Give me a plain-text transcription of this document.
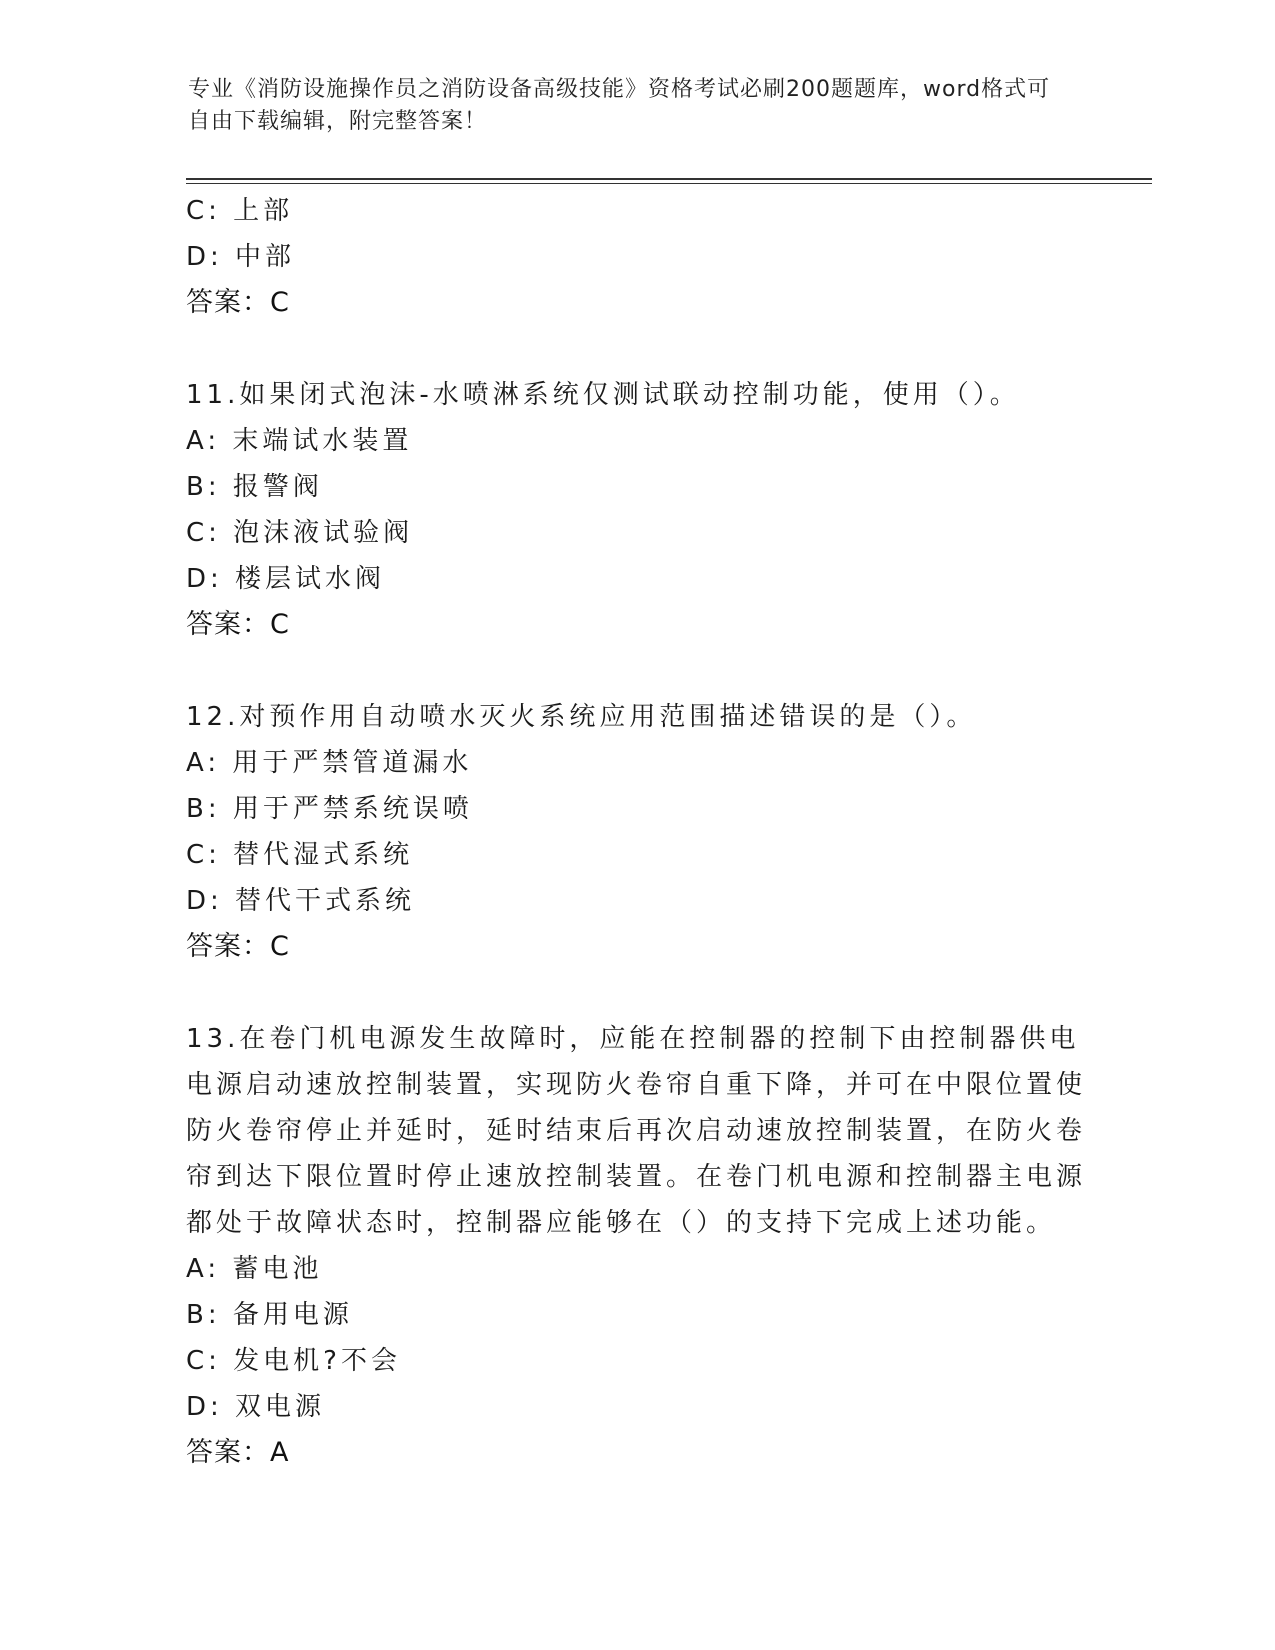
专业《消防设施操作员之消防设备高级技能》资格考试必刷200题题库，word格式可自由下载编辑，附完整答案！
C: 上部
D: 中部
答案：C
11.如果闭式泡沫-水喷淋系统仅测试联动控制功能，使用（）。
A: 末端试水装置
B: 报警阀
C: 泡沫液试验阀
D: 楼层试水阀
答案：C
12.对预作用自动喷水灭火系统应用范围描述错误的是（）。
A: 用于严禁管道漏水
B: 用于严禁系统误喷
C: 替代湿式系统
D: 替代干式系统
答案：C
13.在卷门机电源发生故障时，应能在控制器的控制下由控制器供电电源启动速放控制装置，实现防火卷帘自重下降，并可在中限位置使防火卷帘停止并延时，延时结束后再次启动速放控制装置，在防火卷帘到达下限位置时停止速放控制装置。在卷门机电源和控制器主电源都处于故障状态时，控制器应能够在（）的支持下完成上述功能。
A: 蓄电池
B: 备用电源
C: 发电机?不会
D: 双电源
答案：A
